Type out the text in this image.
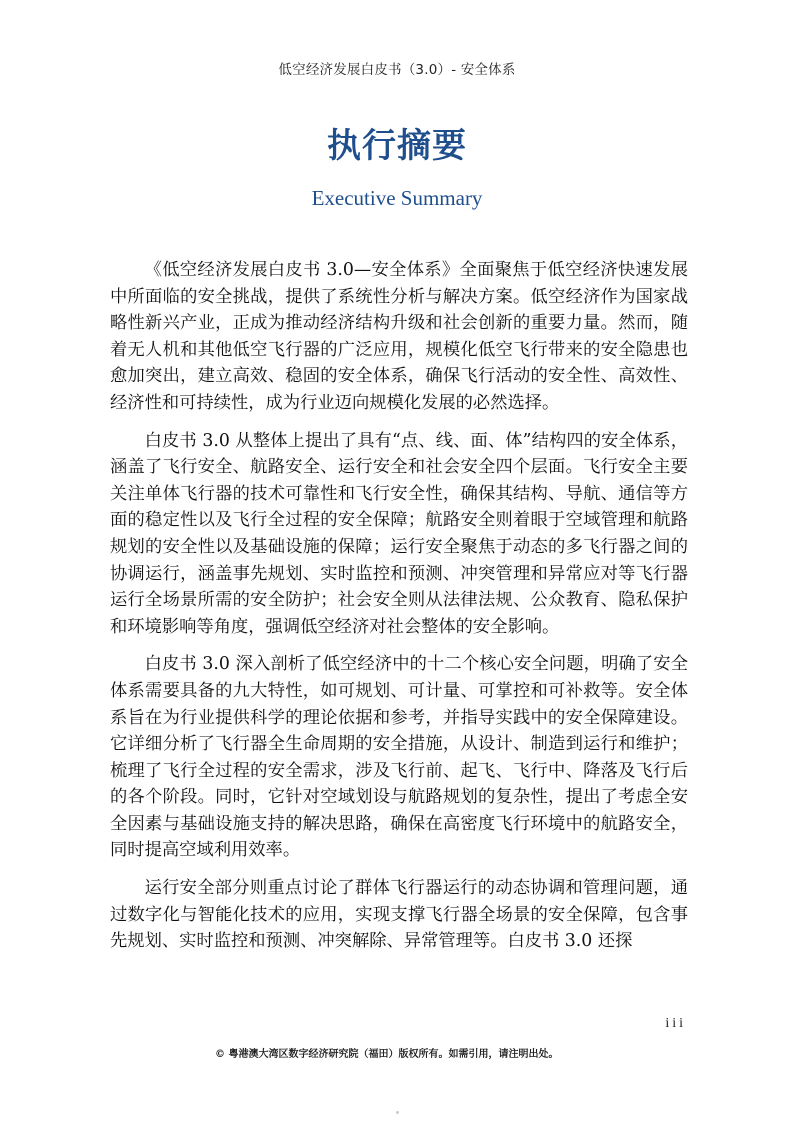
低空经济发展白皮书（3.0）- 安全体系
执行摘要
Executive Summary

《低空经济发展白皮书 3.0—安全体系》全面聚焦于低空经济快速发展中所面临的安全挑战，提供了系统性分析与解决方案。低空经济作为国家战略性新兴产业，正成为推动经济结构升级和社会创新的重要力量。然而，随着无人机和其他低空飞行器的广泛应用，规模化低空飞行带来的安全隐患也愈加突出，建立高效、稳固的安全体系，确保飞行活动的安全性、高效性、经济性和可持续性，成为行业迈向规模化发展的必然选择。

白皮书 3.0 从整体上提出了具有“点、线、面、体”结构四的安全体系，涵盖了飞行安全、航路安全、运行安全和社会安全四个层面。飞行安全主要关注单体飞行器的技术可靠性和飞行安全性，确保其结构、导航、通信等方面的稳定性以及飞行全过程的安全保障；航路安全则着眼于空域管理和航路规划的安全性以及基础设施的保障；运行安全聚焦于动态的多飞行器之间的协调运行，涵盖事先规划、实时监控和预测、冲突管理和异常应对等飞行器运行全场景所需的安全防护；社会安全则从法律法规、公众教育、隐私保护和环境影响等角度，强调低空经济对社会整体的安全影响。

白皮书 3.0 深入剖析了低空经济中的十二个核心安全问题，明确了安全体系需要具备的九大特性，如可规划、可计量、可掌控和可补救等。安全体系旨在为行业提供科学的理论依据和参考，并指导实践中的安全保障建设。它详细分析了飞行器全生命周期的安全措施，从设计、制造到运行和维护；梳理了飞行全过程的安全需求，涉及飞行前、起飞、飞行中、降落及飞行后的各个阶段。同时，它针对空域划设与航路规划的复杂性，提出了考虑全安全因素与基础设施支持的解决思路，确保在高密度飞行环境中的航路安全，同时提高空域利用效率。

运行安全部分则重点讨论了群体飞行器运行的动态协调和管理问题，通过数字化与智能化技术的应用，实现支撑飞行器全场景的安全保障，包含事先规划、实时监控和预测、冲突解除、异常管理等。白皮书 3.0 还探

iii
© 粤港澳大湾区数字经济研究院（福田）版权所有。如需引用，请注明出处。
